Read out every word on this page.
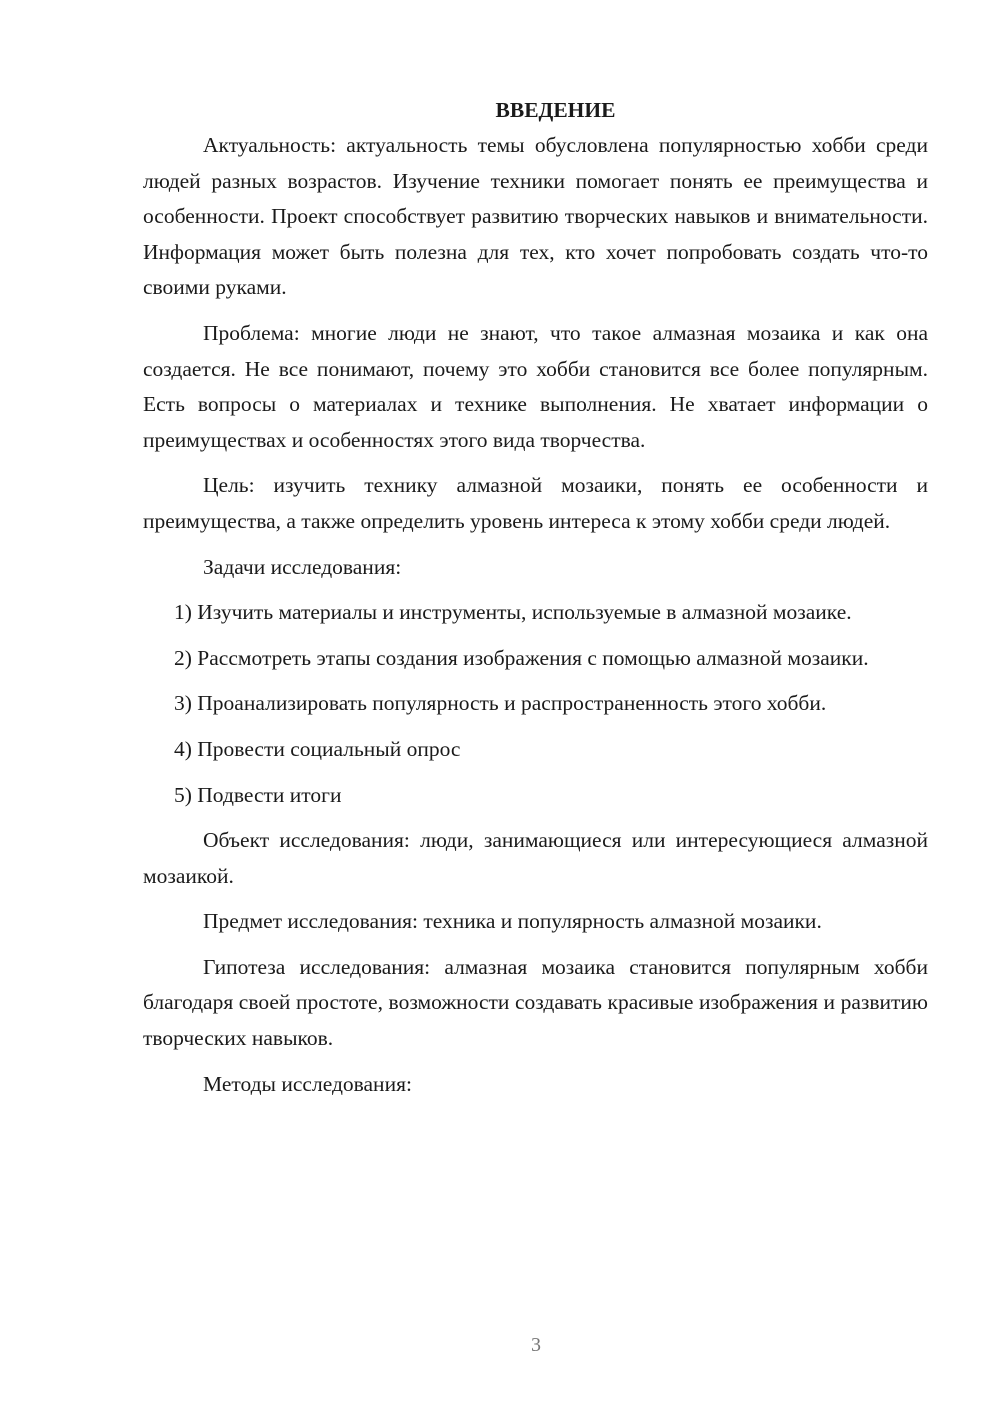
ВВЕДЕНИЕ

Актуальность: актуальность темы обусловлена популярностью хобби среди людей разных возрастов. Изучение техники помогает понять ее преимущества и особенности. Проект способствует развитию творческих навыков и внимательности. Информация может быть полезна для тех, кто хочет попробовать создать что-то своими руками.

Проблема: многие люди не знают, что такое алмазная мозаика и как она создается. Не все понимают, почему это хобби становится все более популярным. Есть вопросы о материалах и технике выполнения. Не хватает информации о преимуществах и особенностях этого вида творчества.

Цель: изучить технику алмазной мозаики, понять ее особенности и преимущества, а также определить уровень интереса к этому хобби среди людей.

Задачи исследования:

1) Изучить материалы и инструменты, используемые в алмазной мозаике.

2) Рассмотреть этапы создания изображения с помощью алмазной мозаики.

3) Проанализировать популярность и распространенность этого хобби.

4) Провести социальный опрос

5) Подвести итоги

Объект исследования: люди, занимающиеся или интересующиеся алмазной мозаикой.

Предмет исследования: техника и популярность алмазной мозаики.

Гипотеза исследования: алмазная мозаика становится популярным хобби благодаря своей простоте, возможности создавать красивые изображения и развитию творческих навыков.

Методы исследования:

3
